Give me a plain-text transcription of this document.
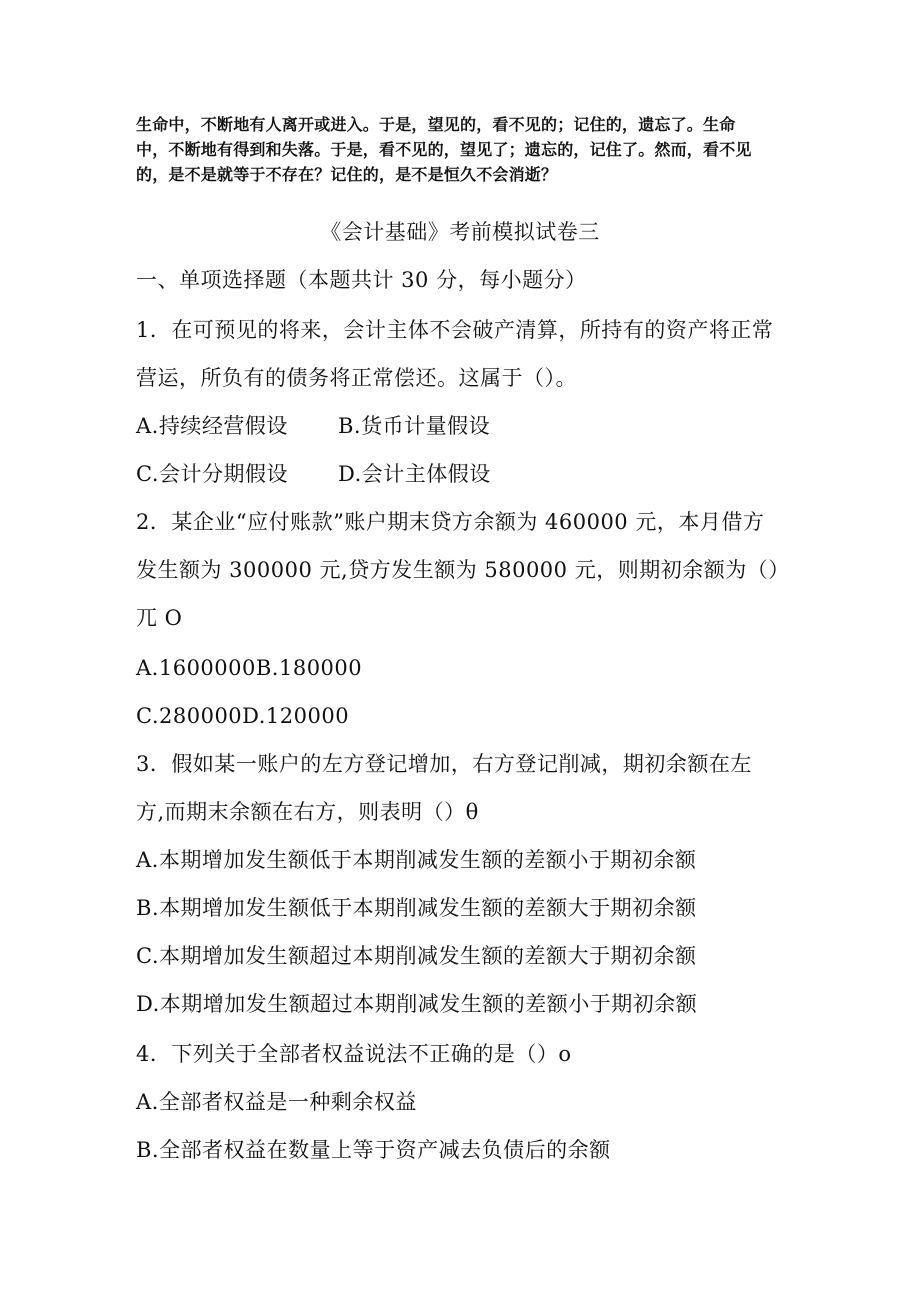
生命中，不断地有人离开或进入。于是，望见的，看不见的；记住的，遗忘了。生命

中，不断地有得到和失落。于是，看不见的，望见了；遗忘的，记住了。然而，看不见

的，是不是就等于不存在？记住的，是不是恒久不会消逝？

《会计基础》考前模拟试卷三
一、单项选择题（本题共计 30 分，每小题分）
1．在可预见的将来，会计主体不会破产清算，所持有的资产将正常
营运，所负有的债务将正常偿还。这属于（）。
A.持续经营假设 B.货币计量假设
C.会计分期假设 D.会计主体假设
2．某企业“应付账款”账户期末贷方余额为 460000 元，本月借方
发生额为 300000 元,贷方发生额为 580000 元，则期初余额为（）
兀 O
A.1600000B.180000
C.280000D.120000
3．假如某一账户的左方登记增加，右方登记削减，期初余额在左
方,而期末余额在右方，则表明（）θ
A.本期增加发生额低于本期削减发生额的差额小于期初余额
B.本期增加发生额低于本期削减发生额的差额大于期初余额
C.本期增加发生额超过本期削减发生额的差额大于期初余额
D.本期增加发生额超过本期削减发生额的差额小于期初余额
4．下列关于全部者权益说法不正确的是（）o
A.全部者权益是一种剩余权益
B.全部者权益在数量上等于资产减去负债后的余额
